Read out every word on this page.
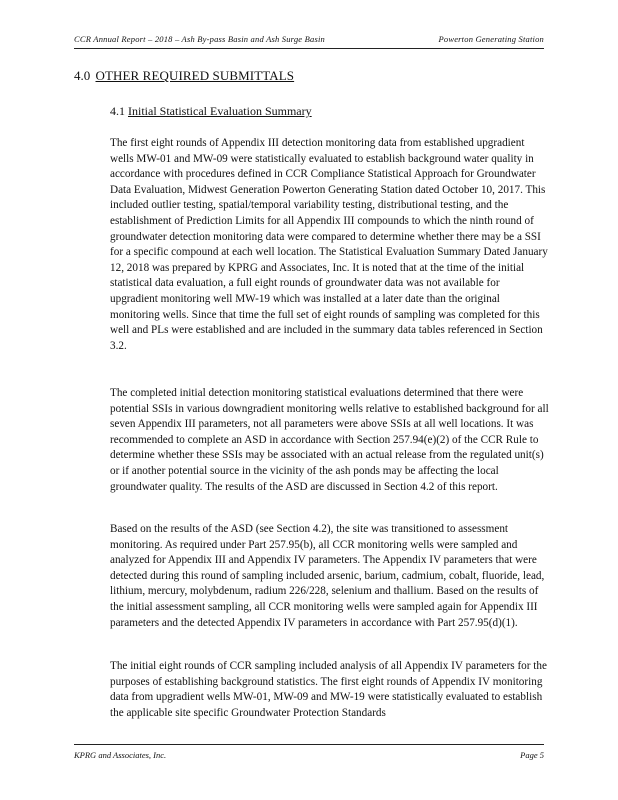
CCR Annual Report – 2018 – Ash By-pass Basin and Ash Surge Basin	Powerton Generating Station
4.0 OTHER REQUIRED SUBMITTALS
4.1 Initial Statistical Evaluation Summary

The first eight rounds of Appendix III detection monitoring data from established upgradient wells MW-01 and MW-09 were statistically evaluated to establish background water quality in accordance with procedures defined in CCR Compliance Statistical Approach for Groundwater Data Evaluation, Midwest Generation Powerton Generating Station dated October 10, 2017. This included outlier testing, spatial/temporal variability testing, distributional testing, and the establishment of Prediction Limits for all Appendix III compounds to which the ninth round of groundwater detection monitoring data were compared to determine whether there may be a SSI for a specific compound at each well location. The Statistical Evaluation Summary Dated January 12, 2018 was prepared by KPRG and Associates, Inc. It is noted that at the time of the initial statistical data evaluation, a full eight rounds of groundwater data was not available for upgradient monitoring well MW-19 which was installed at a later date than the original monitoring wells. Since that time the full set of eight rounds of sampling was completed for this well and PLs were established and are included in the summary data tables referenced in Section 3.2.

The completed initial detection monitoring statistical evaluations determined that there were potential SSIs in various downgradient monitoring wells relative to established background for all seven Appendix III parameters, not all parameters were above SSIs at all well locations. It was recommended to complete an ASD in accordance with Section 257.94(e)(2) of the CCR Rule to determine whether these SSIs may be associated with an actual release from the regulated unit(s) or if another potential source in the vicinity of the ash ponds may be affecting the local groundwater quality. The results of the ASD are discussed in Section 4.2 of this report.

Based on the results of the ASD (see Section 4.2), the site was transitioned to assessment monitoring. As required under Part 257.95(b), all CCR monitoring wells were sampled and analyzed for Appendix III and Appendix IV parameters. The Appendix IV parameters that were detected during this round of sampling included arsenic, barium, cadmium, cobalt, fluoride, lead, lithium, mercury, molybdenum, radium 226/228, selenium and thallium. Based on the results of the initial assessment sampling, all CCR monitoring wells were sampled again for Appendix III parameters and the detected Appendix IV parameters in accordance with Part 257.95(d)(1).

The initial eight rounds of CCR sampling included analysis of all Appendix IV parameters for the purposes of establishing background statistics. The first eight rounds of Appendix IV monitoring data from upgradient wells MW-01, MW-09 and MW-19 were statistically evaluated to establish the applicable site specific Groundwater Protection Standards

KPRG and Associates, Inc.	Page 5
